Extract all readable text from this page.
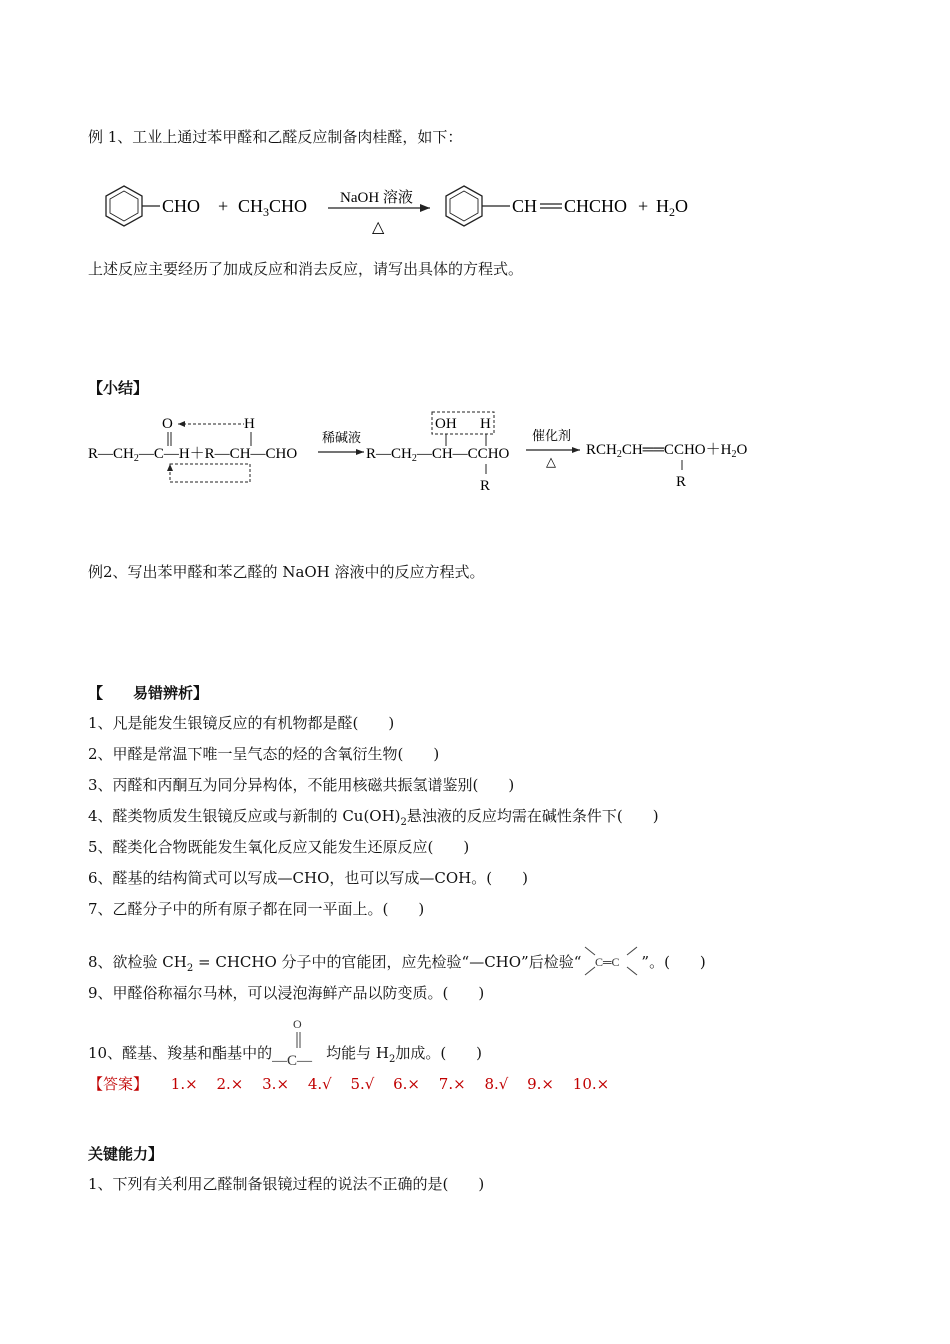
例 1、工业上通过苯甲醛和乙醛反应制备肉桂醛，如下：
CHO + $CH_3CHO$ NaOH 溶液
△
CH CHCHO + $H_2O$
上述反应主要经历了加成反应和消去反应，请写出具体的方程式。
【小结】
O	H
$R—CH_2—C—H+R—CH—CHO$
稀碱液
OH H
$R—CH_2—CH—CCHO$
R
催化剂
△
$RCH_2CH══CCHO+H_2O$
R
例2、写出苯甲醛和苯乙醛的 NaOH 溶液中的反应方程式。
【 易错辨析】
1、凡是能发生银镜反应的有机物都是醛(　　)
2、甲醛是常温下唯一呈气态的烃的含氧衍生物(　　)
3、丙醛和丙酮互为同分异构体，不能用核磁共振氢谱鉴别(　　)
4、醛类物质发生银镜反应或与新制的 $Cu(OH)_2$悬浊液的反应均需在碱性条件下(　　)
5、醛类化合物既能发生氧化反应又能发生还原反应(　　)
6、醛基的结构简式可以写成—CHO，也可以写成—COH。(　　)
7、乙醛分子中的所有原子都在同一平面上。(　　)
8、欲检验 $CH_2$ = CHCHO 分子中的官能团，应先检验“—CHO”后检验“ C═C ”。(　　)
9、甲醛俗称福尔马林，可以浸泡海鲜产品以防变质。(　　)
10、醛基、羧基和酯基中的
O
—C— 均能与 $H_2$加成。(　　)
【答案】 1.× 2.× 3.× 4.√ 5.√ 6.× 7.× 8.√ 9.× 10.×
关键能力】
1、下列有关利用乙醛制备银镜过程的说法不正确的是(　　)
